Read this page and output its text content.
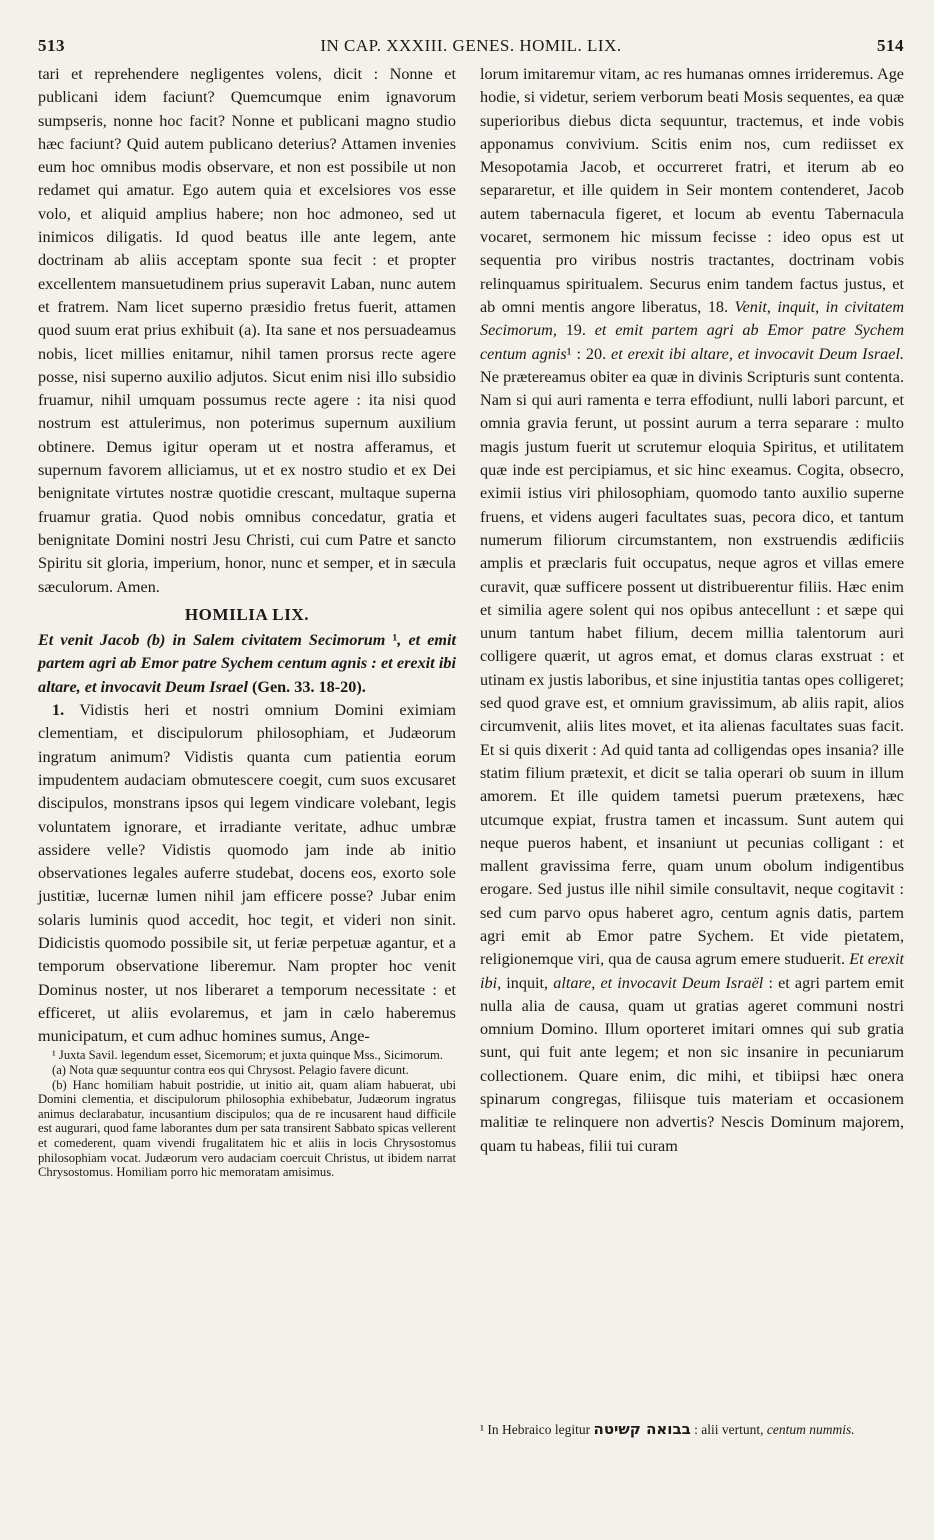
513	IN CAP. XXXIII. GENES. HOMIL. LIX.	514

tari et reprehendere negligentes volens, dicit : Nonne et publicani idem faciunt? Quemcumque enim ignavorum sumpseris, nonne hoc facit? Nonne et publicani magno studio hæc faciunt? Quid autem publicano deterius? Attamen invenies eum hoc omnibus modis observare, et non est possibile ut non redamet qui amatur. Ego autem quia et excelsiores vos esse volo, et aliquid amplius habere; non hoc admoneo, sed ut inimicos diligatis. Id quod beatus ille ante legem, ante doctrinam ab aliis acceptam sponte sua fecit : et propter excellentem mansuetudinem prius superavit Laban, nunc autem et fratrem. Nam licet superno præsidio fretus fuerit, attamen quod suum erat prius exhibuit (a). Ita sane et nos persuadeamus nobis, licet millies enitamur, nihil tamen prorsus recte agere posse, nisi superno auxilio adjutos. Sicut enim nisi illo subsidio fruamur, nihil umquam possumus recte agere : ita nisi quod nostrum est attulerimus, non poterimus supernum auxilium obtinere. Demus igitur operam ut et nostra afferamus, et supernum favorem alliciamus, ut et ex nostro studio et ex Dei benignitate virtutes nostræ quotidie crescant, multaque superna fruamur gratia. Quod nobis omnibus concedatur, gratia et benignitate Domini nostri Jesu Christi, cui cum Patre et sancto Spiritu sit gloria, imperium, honor, nunc et semper, et in sæcula sæculorum. Amen.

HOMILIA LIX.

Et venit Jacob (b) in Salem civitatem Secimorum ¹, et emit partem agri ab Emor patre Sychem centum agnis : et erexit ibi altare, et invocavit Deum Israel (Gen. 33. 18-20).

1. Vidistis heri et nostri omnium Domini eximiam clementiam, et discipulorum philosophiam, et Judæorum ingratum animum? Vidistis quanta cum patientia eorum impudentem audaciam obmutescere coegit, cum suos excusaret discipulos, monstrans ipsos qui legem vindicare volebant, legis voluntatem ignorare, et irradiante veritate, adhuc umbræ assidere velle? Vidistis quomodo jam inde ab initio observationes legales auferre studebat, docens eos, exorto sole justitiæ, lucernæ lumen nihil jam efficere posse? Jubar enim solaris luminis quod accedit, hoc tegit, et videri non sinit. Didicistis quomodo possibile sit, ut feriæ perpetuæ agantur, et a temporum observatione liberemur. Nam propter hoc venit Dominus noster, ut nos liberaret a temporum necessitate : et efficeret, ut aliis evolaremus, et jam in cælo haberemus municipatum, et cum adhuc homines sumus, Ange-

¹ Juxta Savil. legendum esset, Sicemorum; et juxta quinque Mss., Sicimorum.

(a) Nota quæ sequuntur contra eos qui Chrysost. Pelagio favere dicunt.

(b) Hanc homiliam habuit postridie, ut initio ait, quam aliam habuerat, ubi Domini clementia, et discipulorum philosophia exhibebatur, Judæorum ingratus animus declarabatur, incusantium discipulos; qua de re incusarent haud difficile est augurari, quod fame laborantes dum per sata transirent Sabbato spicas vellerent et comederent, quam vivendi frugalitatem hic et aliis in locis Chrysostomus philosophiam vocat. Judæorum vero audaciam coercuit Christus, ut ibidem narrat Chrysostomus. Homiliam porro hic memoratam amisimus.

lorum imitaremur vitam, ac res humanas omnes irrideremus. Age hodie, si videtur, seriem verborum beati Mosis sequentes, ea quæ superioribus diebus dicta sequuntur, tractemus, et inde vobis apponamus convivium. Scitis enim nos, cum rediisset ex Mesopotamia Jacob, et occurreret fratri, et iterum ab eo separaretur, et ille quidem in Seir montem contenderet, Jacob autem tabernacula figeret, et locum ab eventu Tabernacula vocaret, sermonem hic missum fecisse : ideo opus est ut sequentia pro viribus nostris tractantes, doctrinam vobis relinquamus spiritualem. Securus enim tandem factus justus, et ab omni mentis angore liberatus, 18. Venit, inquit, in civitatem Secimorum, 19. et emit partem agri ab Emor patre Sychem centum agnis¹ : 20. et erexit ibi altare, et invocavit Deum Israel. Ne prætereamus obiter ea quæ in divinis Scripturis sunt contenta. Nam si qui auri ramenta e terra effodiunt, nulli labori parcunt, et omnia gravia ferunt, ut possint aurum a terra separare : multo magis justum fuerit ut scrutemur eloquia Spiritus, et utilitatem quæ inde est percipiamus, et sic hinc exeamus. Cogita, obsecro, eximii istius viri philosophiam, quomodo tanto auxilio superne fruens, et videns augeri facultates suas, pecora dico, et tantum numerum filiorum circumstantem, non exstruendis ædificiis amplis et præclaris fuit occupatus, neque agros et villas emere curavit, quæ sufficere possent ut distribuerentur filiis. Hæc enim et similia agere solent qui nos opibus antecellunt : et sæpe qui unum tantum habet filium, decem millia talentorum auri colligere quærit, ut agros emat, et domus claras exstruat : et utinam ex justis laboribus, et sine injustitia tantas opes colligeret; sed quod grave est, et omnium gravissimum, ab aliis rapit, alios circumvenit, aliis lites movet, et ita alienas facultates suas facit. Et si quis dixerit : Ad quid tanta ad colligendas opes insania? ille statim filium prætexit, et dicit se talia operari ob suum in illum amorem. Et ille quidem tametsi puerum prætexens, hæc utcumque expiat, frustra tamen et incassum. Sunt autem qui neque pueros habent, et insaniunt ut pecunias colligant : et mallent gravissima ferre, quam unum obolum indigentibus erogare. Sed justus ille nihil simile consultavit, neque cogitavit : sed cum parvo opus haberet agro, centum agnis datis, partem agri emit ab Emor patre Sychem. Et vide pietatem, religionemque viri, qua de causa agrum emere studuerit. Et erexit ibi, inquit, altare, et invocavit Deum Israël : et agri partem emit nulla alia de causa, quam ut gratias ageret communi nostri omnium Domino. Illum oporteret imitari omnes qui sub gratia sunt, qui fuit ante legem; et non sic insanire in pecuniarum collectionem. Quare enim, dic mihi, et tibiipsi hæc onera spinarum congregas, filiisque tuis materiam et occasionem malitiæ te relinquere non advertis? Nescis Dominum majorem, quam tu habeas, filii tui curam

¹ In Hebraico legitur בבואה קשיטה : alii vertunt, centum nummis.
